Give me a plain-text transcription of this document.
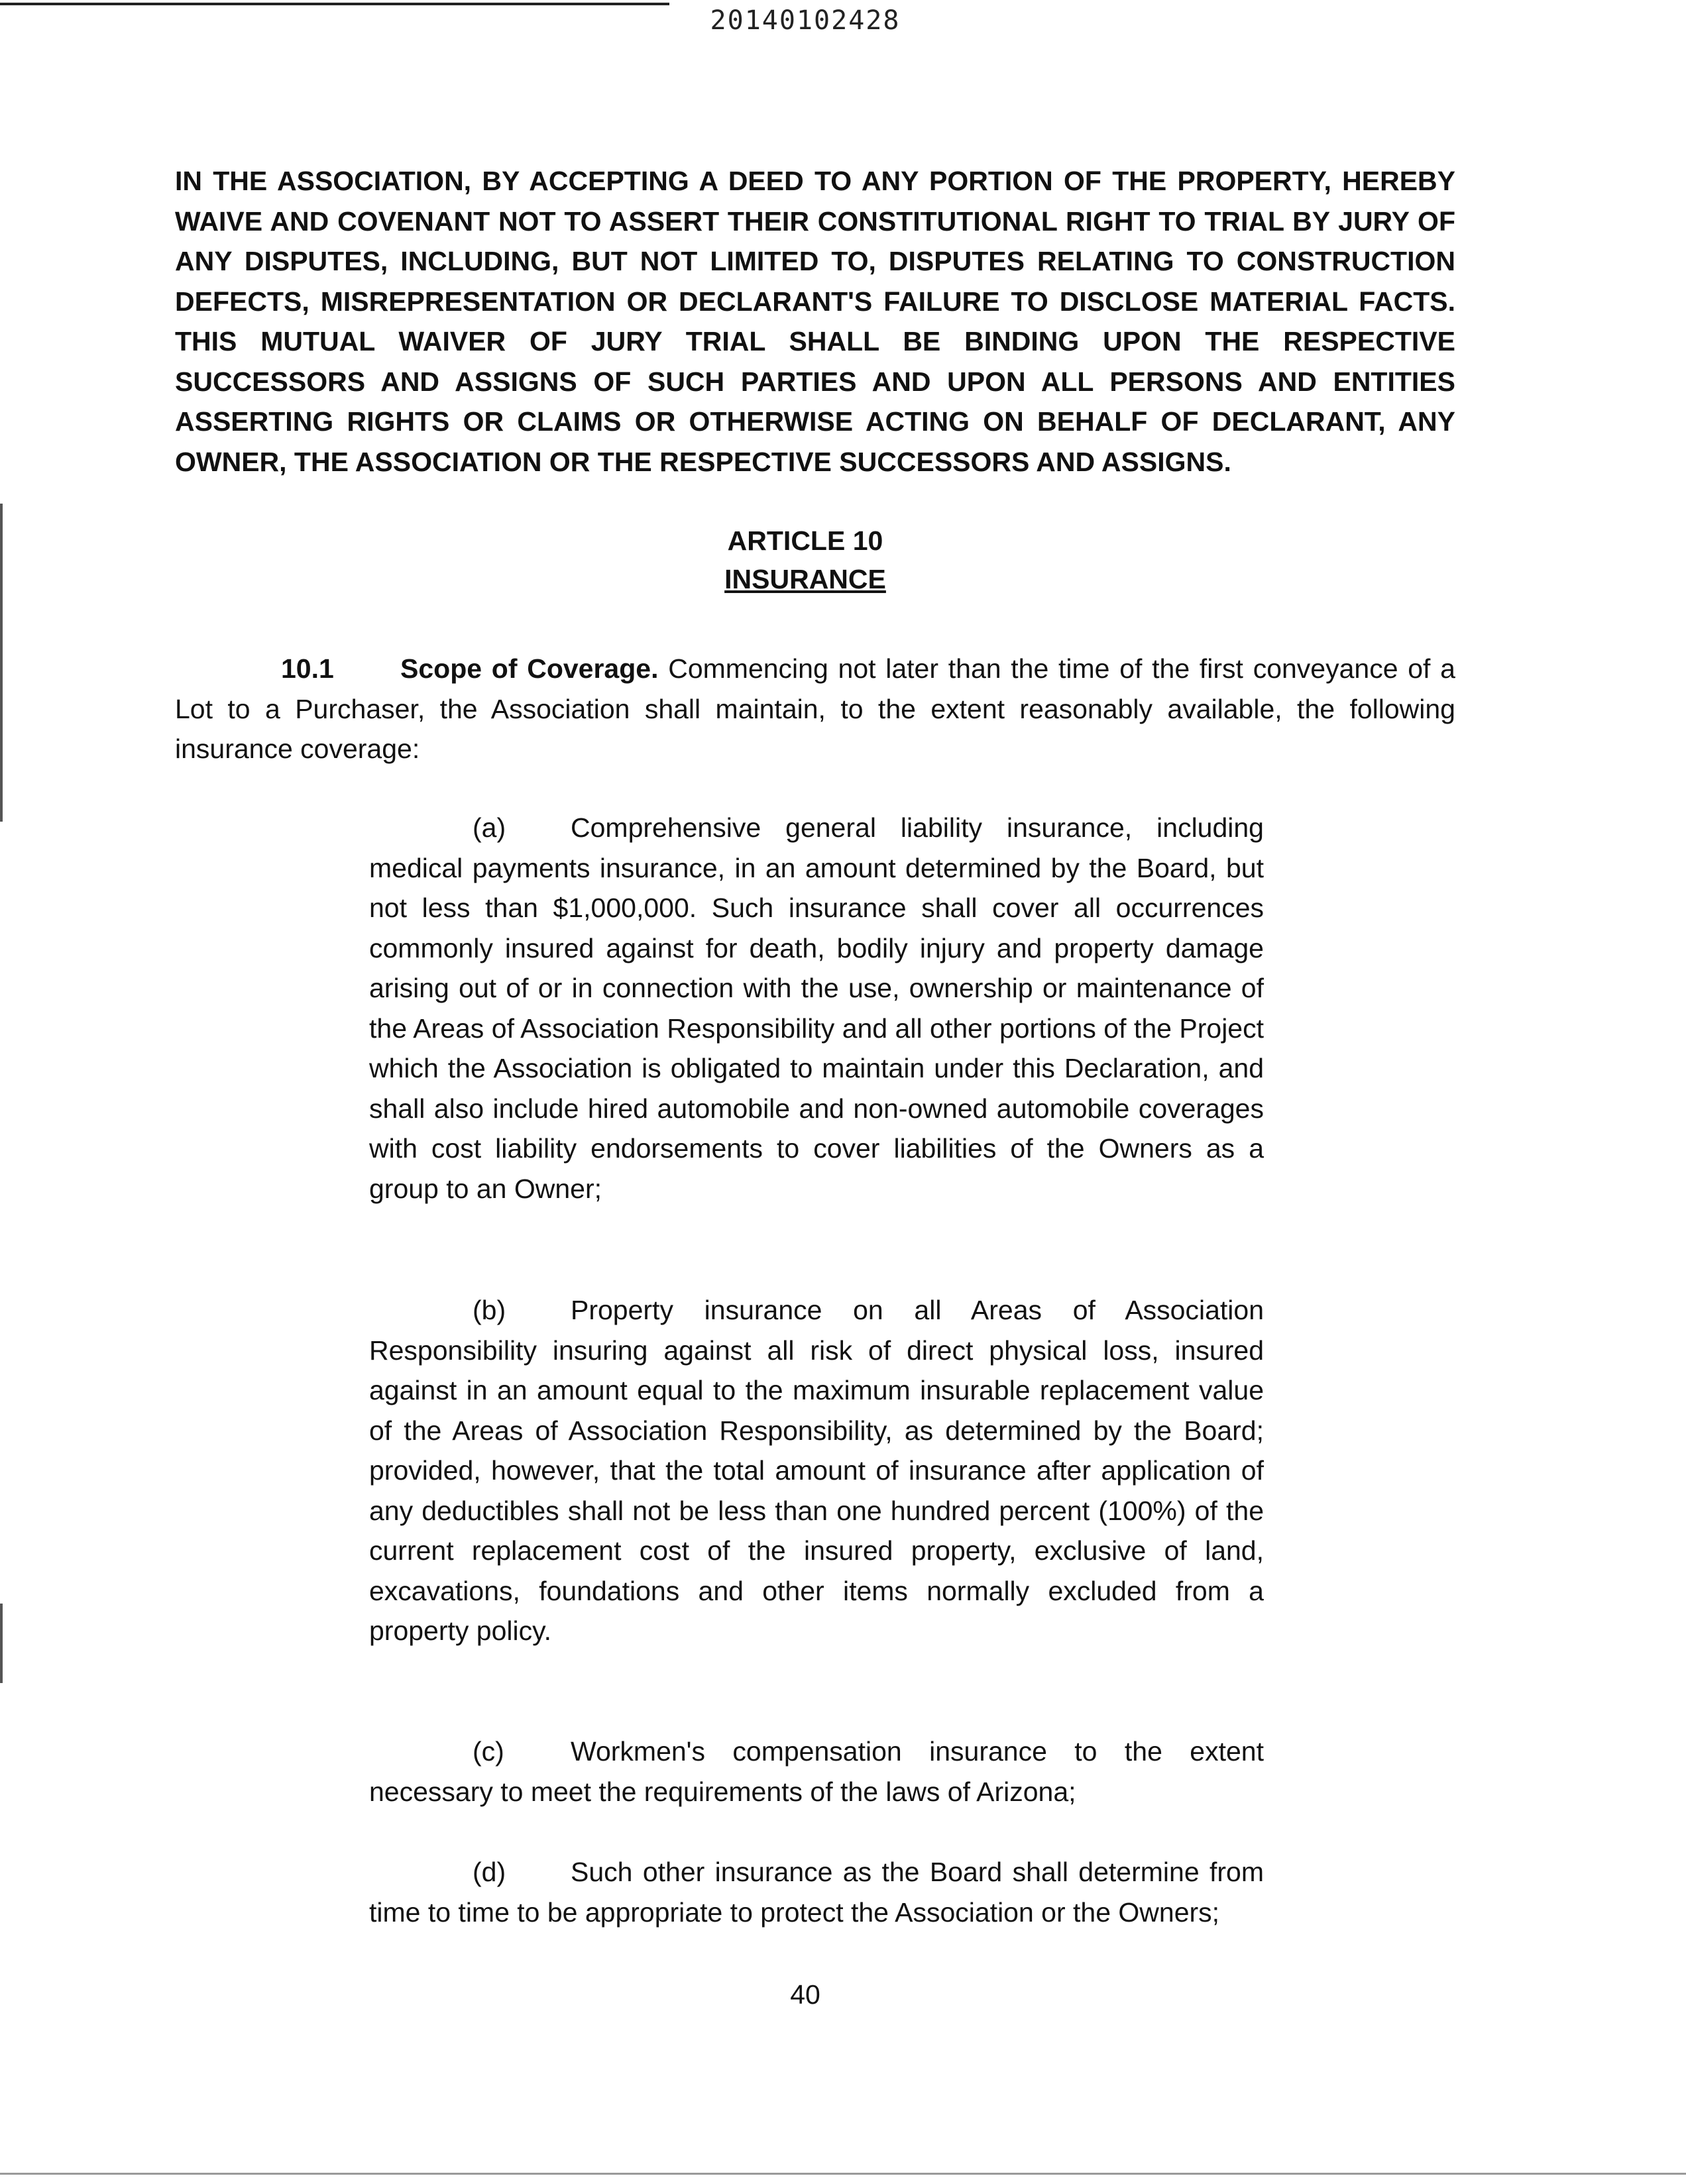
20140102428

IN THE ASSOCIATION, BY ACCEPTING A DEED TO ANY PORTION OF THE PROPERTY, HEREBY WAIVE AND COVENANT NOT TO ASSERT THEIR CONSTITUTIONAL RIGHT TO TRIAL BY JURY OF ANY DISPUTES, INCLUDING, BUT NOT LIMITED TO, DISPUTES RELATING TO CONSTRUCTION DEFECTS, MISREPRESENTATION OR DECLARANT'S FAILURE TO DISCLOSE MATERIAL FACTS. THIS MUTUAL WAIVER OF JURY TRIAL SHALL BE BINDING UPON THE RESPECTIVE SUCCESSORS AND ASSIGNS OF SUCH PARTIES AND UPON ALL PERSONS AND ENTITIES ASSERTING RIGHTS OR CLAIMS OR OTHERWISE ACTING ON BEHALF OF DECLARANT, ANY OWNER, THE ASSOCIATION OR THE RESPECTIVE SUCCESSORS AND ASSIGNS.

ARTICLE 10
INSURANCE

10.1 Scope of Coverage. Commencing not later than the time of the first conveyance of a Lot to a Purchaser, the Association shall maintain, to the extent reasonably available, the following insurance coverage:

(a) Comprehensive general liability insurance, including medical payments insurance, in an amount determined by the Board, but not less than $1,000,000. Such insurance shall cover all occurrences commonly insured against for death, bodily injury and property damage arising out of or in connection with the use, ownership or maintenance of the Areas of Association Responsibility and all other portions of the Project which the Association is obligated to maintain under this Declaration, and shall also include hired automobile and non-owned automobile coverages with cost liability endorsements to cover liabilities of the Owners as a group to an Owner;

(b) Property insurance on all Areas of Association Responsibility insuring against all risk of direct physical loss, insured against in an amount equal to the maximum insurable replacement value of the Areas of Association Responsibility, as determined by the Board; provided, however, that the total amount of insurance after application of any deductibles shall not be less than one hundred percent (100%) of the current replacement cost of the insured property, exclusive of land, excavations, foundations and other items normally excluded from a property policy.

(c) Workmen's compensation insurance to the extent necessary to meet the requirements of the laws of Arizona;

(d) Such other insurance as the Board shall determine from time to time to be appropriate to protect the Association or the Owners;

40
